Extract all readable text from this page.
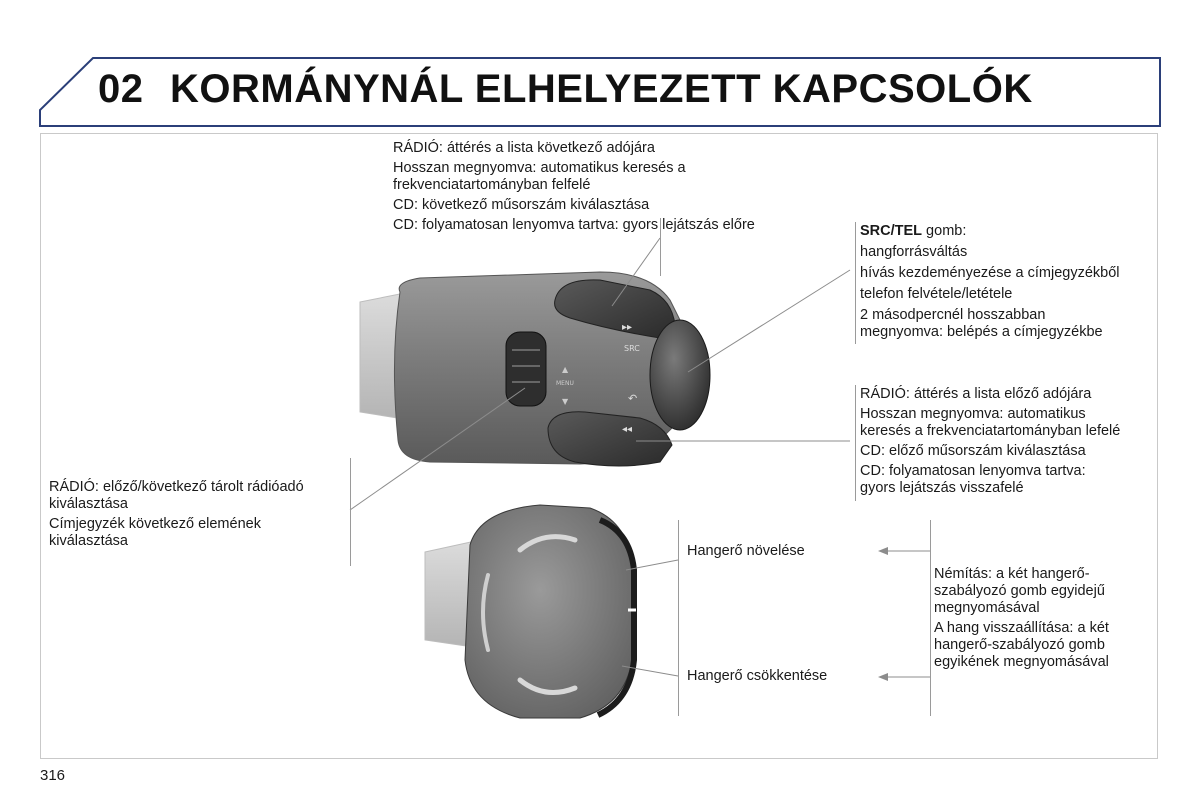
02 KORMÁNYNÁL ELHELYEZETT KAPCSOLÓK
▸▸
◂◂
↶
▲
▼

RÁDIÓ: áttérés a lista következő adójára

Hosszan megnyomva: automatikus keresés a

frekvenciatartományban felfelé

CD: következő műsorszám kiválasztása

CD: folyamatosan lenyomva tartva: gyors lejátszás előre	SRC/TEL gomb:

hangforrásváltás

hívás kezdeményezése a címjegyzékből

telefon felvétele/letétele

2 másodpercnél hosszabban

megnyomva: belépés a címjegyzékbe

RÁDIÓ: áttérés a lista előző adójára

Hosszan megnyomva: automatikus

keresés a frekvenciatartományban lefelé

CD: előző műsorszám kiválasztása

CD: folyamatosan lenyomva tartva:

gyors lejátszás visszafelé

RÁDIÓ: előző/következő tárolt rádióadó

kiválasztása

Címjegyzék következő elemének

kiválasztása

SRC
MENU
Hangerő növelése
Hangerő csökkentése

Némítás: a két hangerő-

szabályozó gomb egyidejű

megnyomásával

A hang visszaállítása: a két

hangerő-szabályozó gomb

egyikének megnyomásával

316
